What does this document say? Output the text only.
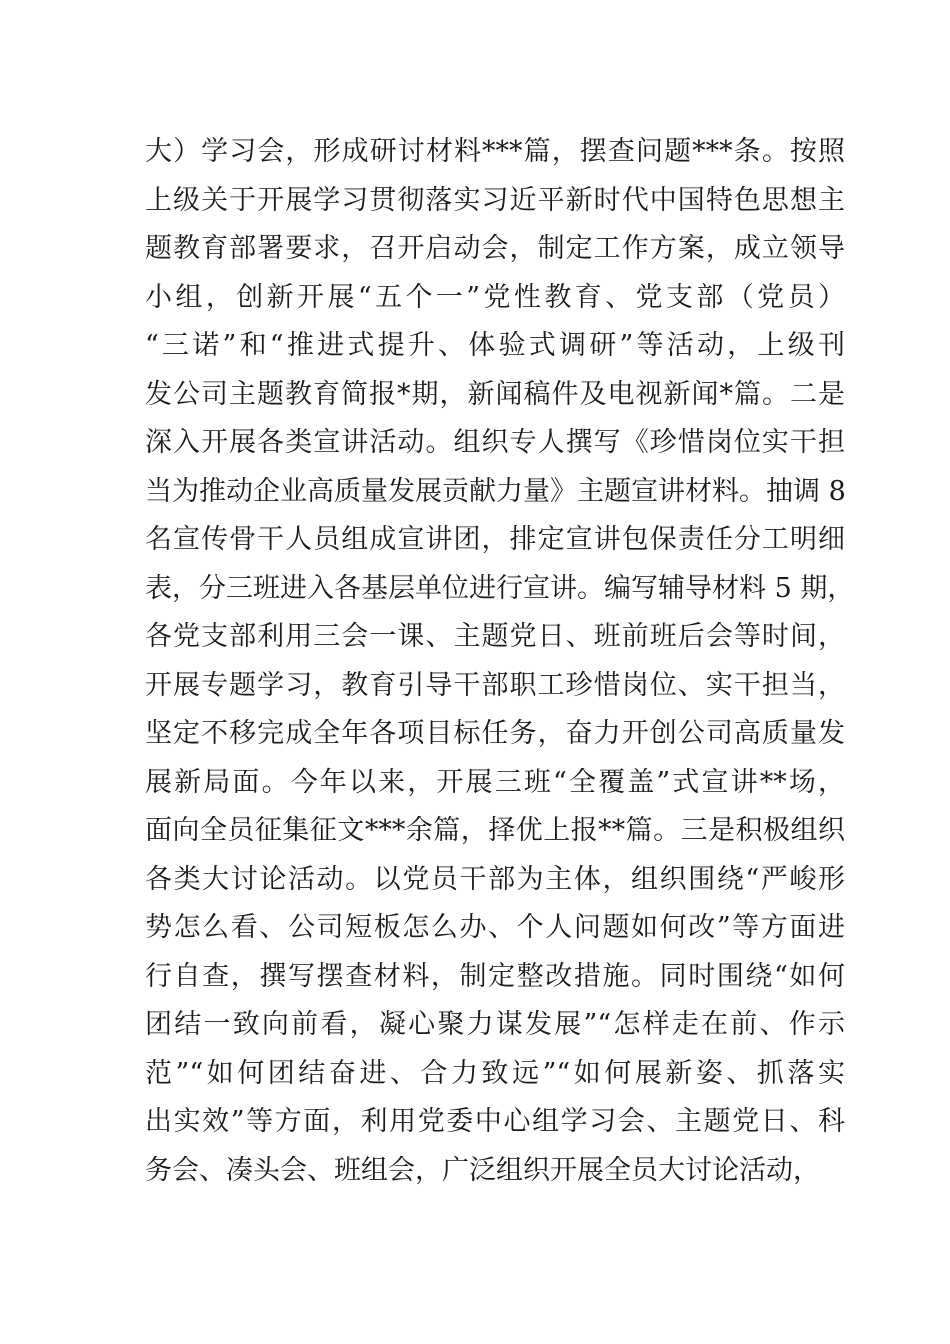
大）学习会，形成研讨材料***篇，摆查问题***条。按照
上级关于开展学习贯彻落实习近平新时代中国特色思想主
题教育部署要求，召开启动会，制定工作方案，成立领导
小组，创新开展“五个一”党性教育、党支部（党员）
“三诺”和“推进式提升、体验式调研”等活动，上级刊
发公司主题教育简报*期，新闻稿件及电视新闻*篇。二是
深入开展各类宣讲活动。组织专人撰写《珍惜岗位实干担
当为推动企业高质量发展贡献力量》主题宣讲材料。抽调 8
名宣传骨干人员组成宣讲团，排定宣讲包保责任分工明细
表，分三班进入各基层单位进行宣讲。编写辅导材料 5 期，
各党支部利用三会一课、主题党日、班前班后会等时间，
开展专题学习，教育引导干部职工珍惜岗位、实干担当，
坚定不移完成全年各项目标任务，奋力开创公司高质量发
展新局面。今年以来，开展三班“全覆盖”式宣讲**场，
面向全员征集征文***余篇，择优上报**篇。三是积极组织
各类大讨论活动。以党员干部为主体，组织围绕“严峻形
势怎么看、公司短板怎么办、个人问题如何改”等方面进
行自查，撰写摆查材料，制定整改措施。同时围绕“如何
团结一致向前看，凝心聚力谋发展”“怎样走在前、作示
范”“如何团结奋进、合力致远”“如何展新姿、抓落实
出实效”等方面，利用党委中心组学习会、主题党日、科
务会、凑头会、班组会，广泛组织开展全员大讨论活动，
